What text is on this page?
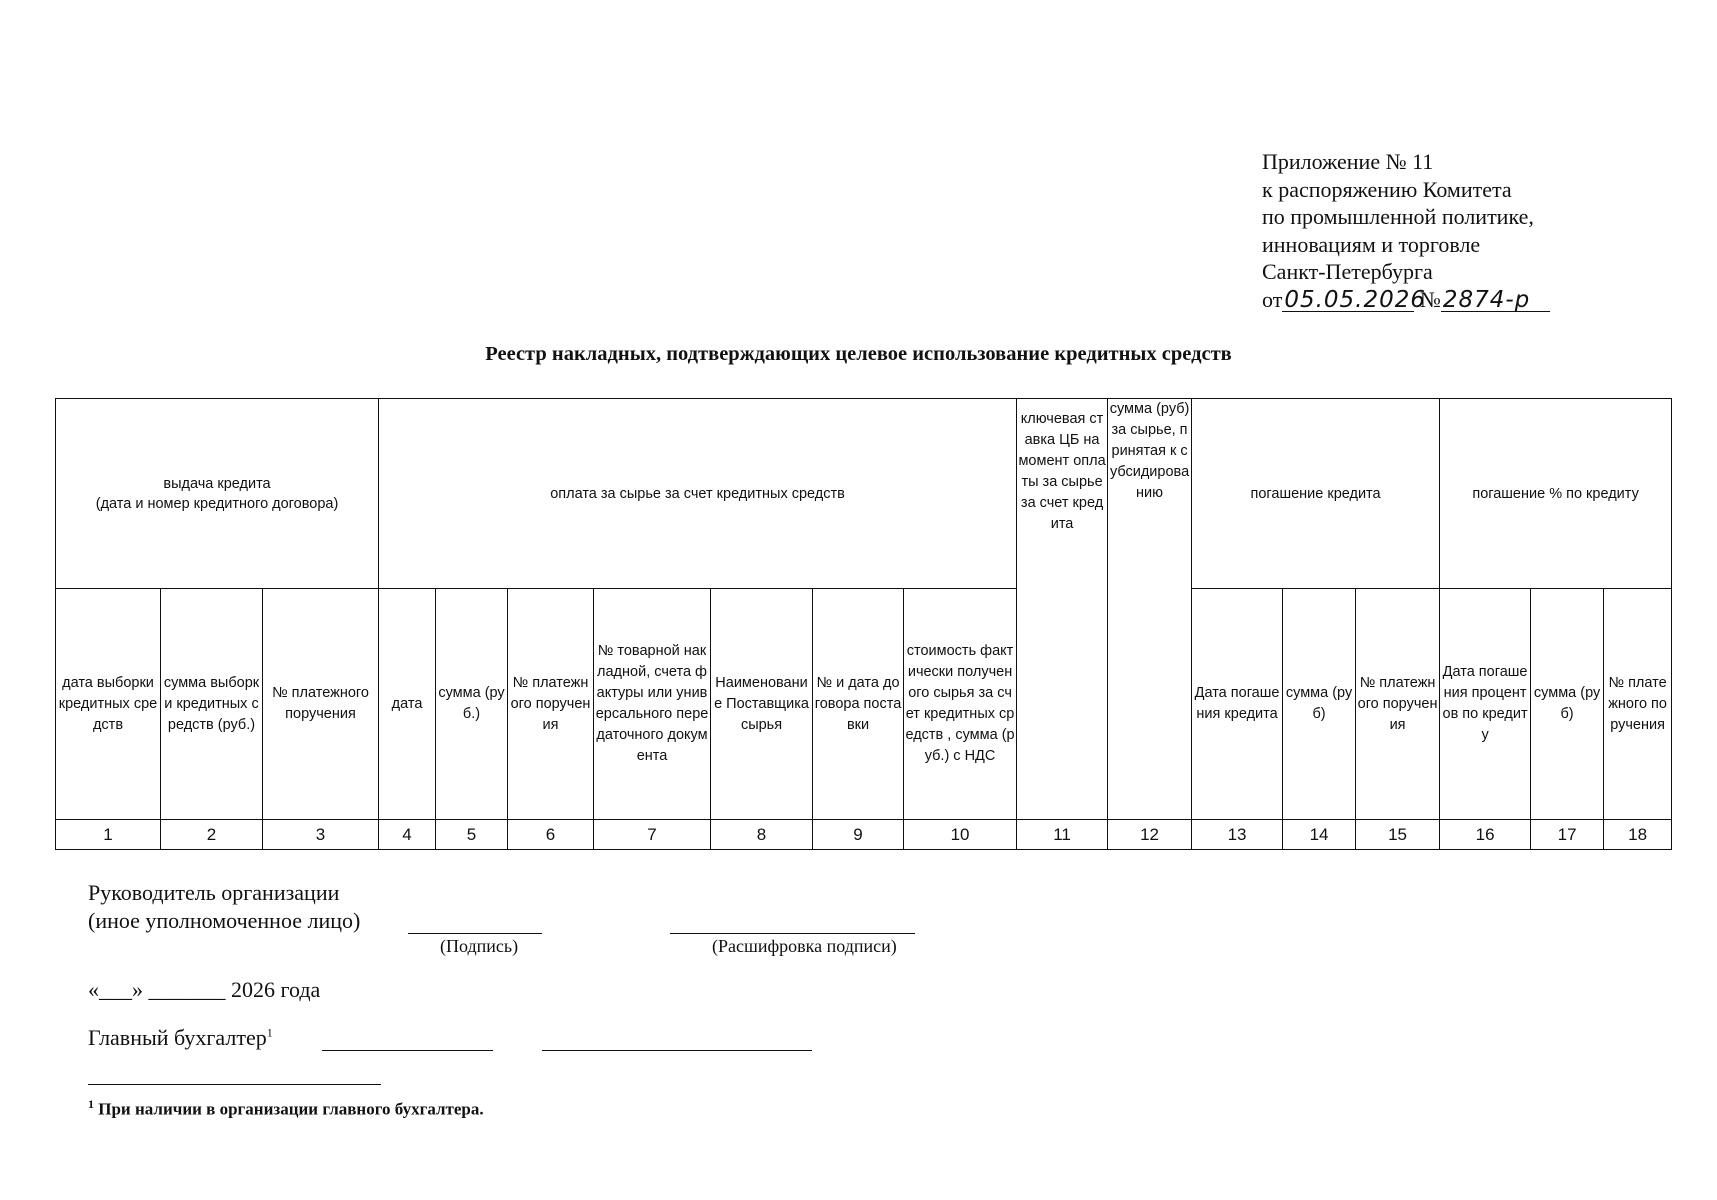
Приложение № 11
к распоряжению Комитета
по промышленной политике,
инновациям и торговле
Санкт-Петербурга
от05.05.2026 №2874-р
Реестр накладных, подтверждающих целевое использование кредитных средств
выдача кредита
(дата и номер кредитного договора)			оплата за сырье за счет кредитных средств							ключевая ставка ЦБ на момент оплаты за сырье за счет кредита	сумма (руб) за сырье, принятая к субсидированию	погашение кредита			погашение % по кредиту		
дата выборки кредитных средств	сумма выборки кредитных средств (руб.)	№ платежного поручения	дата	сумма (руб.)	№ платежного поручения	№ товарной накладной, счета фактуры или универсального передаточного документа	Наименование Поставщика сырья	№ и дата договора поставки	стоимость фактически полученого сырья за счет кредитных средств , сумма (руб.) с НДС			Дата погашения кредита	сумма (руб)	№ платежного поручения	Дата погашения процентов по кредиту	сумма (руб)	№ платежного поручения
1	2	3	4	5	6	7	8	9	10	11	12	13	14	15	16	17	18
Руководитель организации
(иное уполномоченное лицо)
(Подпись)	(Расшифровка подписи)
«___» _______ 2026 года
Главный бухгалтер$^1$
$^1$ При наличии в организации главного бухгалтера.
